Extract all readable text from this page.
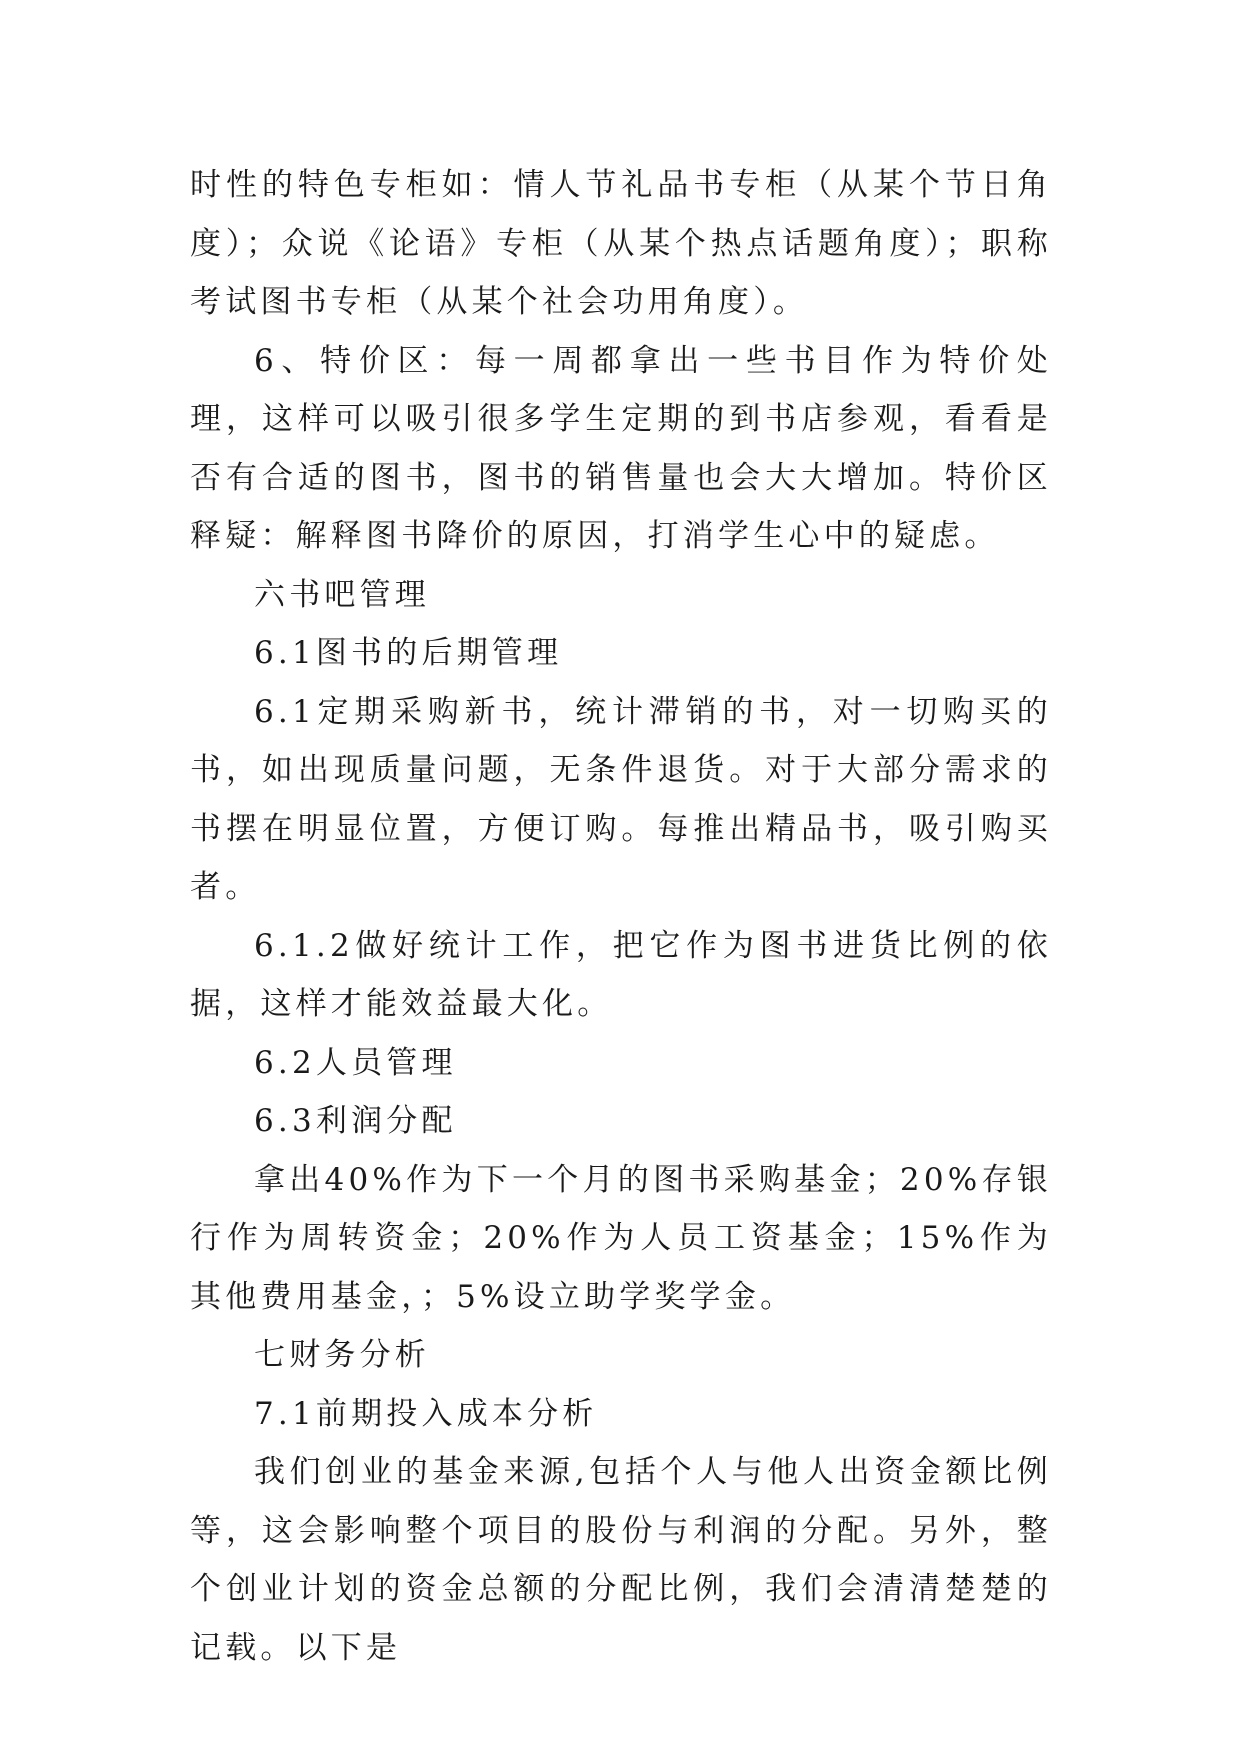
时性的特色专柜如：情人节礼品书专柜（从某个节日角度）；众说《论语》专柜（从某个热点话题角度）；职称考试图书专柜（从某个社会功用角度）。

6、特价区：每一周都拿出一些书目作为特价处理，这样可以吸引很多学生定期的到书店参观，看看是否有合适的图书，图书的销售量也会大大增加。特价区释疑：解释图书降价的原因，打消学生心中的疑虑。

六书吧管理

6.1图书的后期管理

6.1定期采购新书，统计滞销的书，对一切购买的书，如出现质量问题，无条件退货。对于大部分需求的书摆在明显位置，方便订购。每推出精品书，吸引购买者。

6.1.2做好统计工作，把它作为图书进货比例的依据，这样才能效益最大化。

6.2人员管理

6.3利润分配

拿出40%作为下一个月的图书采购基金；20%存银行作为周转资金；20%作为人员工资基金；15%作为其他费用基金，；5%设立助学奖学金。

七财务分析

7.1前期投入成本分析

我们创业的基金来源,包括个人与他人出资金额比例等，这会影响整个项目的股份与利润的分配。另外，整个创业计划的资金总额的分配比例，我们会清清楚楚的记载。以下是
